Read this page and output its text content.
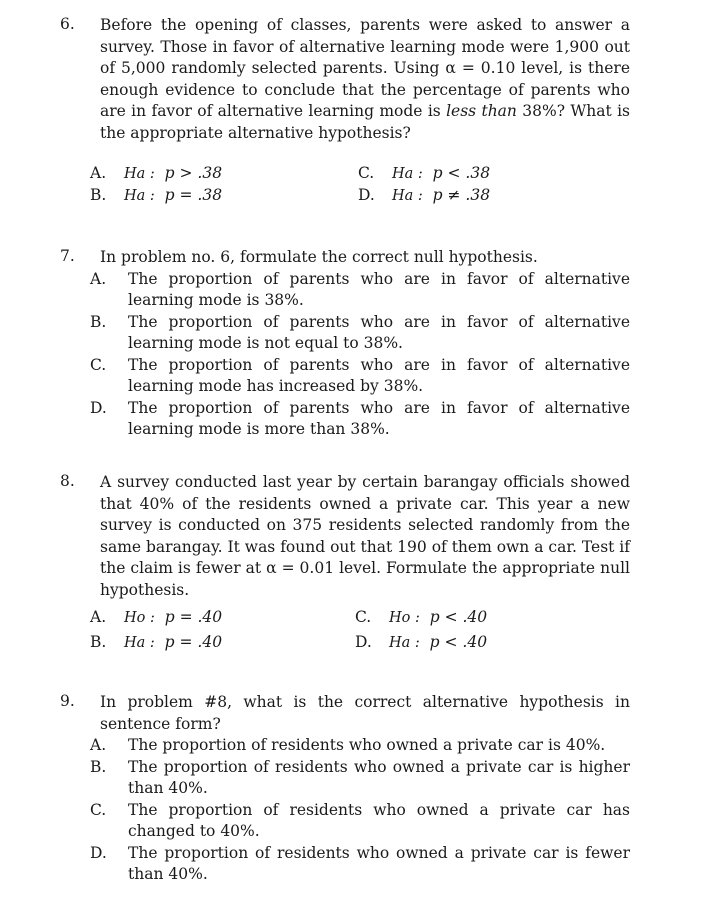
6. Before the opening of classes, parents were asked to answer a survey. Those in favor of alternative learning mode were 1,900 out of 5,000 randomly selected parents. Using α = 0.10 level, is there enough evidence to conclude that the percentage of parents who are in favor of alternative learning mode is less than 38%? What is the appropriate alternative hypothesis?
A. Ha : p > .38
B. Ha : p = .38
C. Ha : p < .38
D. Ha : p ≠ .38
7. In problem no. 6, formulate the correct null hypothesis.
A. The proportion of parents who are in favor of alternative learning mode is 38%.
B. The proportion of parents who are in favor of alternative learning mode is not equal to 38%.
C. The proportion of parents who are in favor of alternative learning mode has increased by 38%.
D. The proportion of parents who are in favor of alternative learning mode is more than 38%.
8. A survey conducted last year by certain barangay officials showed that 40% of the residents owned a private car. This year a new survey is conducted on 375 residents selected randomly from the same barangay. It was found out that 190 of them own a car. Test if the claim is fewer at α = 0.01 level. Formulate the appropriate null hypothesis.
A. Ho : p = .40
B. Ha : p = .40
C. Ho : p < .40
D. Ha : p < .40
9. In problem #8, what is the correct alternative hypothesis in sentence form?
A. The proportion of residents who owned a private car is 40%.
B. The proportion of residents who owned a private car is higher than 40%.
C. The proportion of residents who owned a private car has changed to 40%.
D. The proportion of residents who owned a private car is fewer than 40%.
